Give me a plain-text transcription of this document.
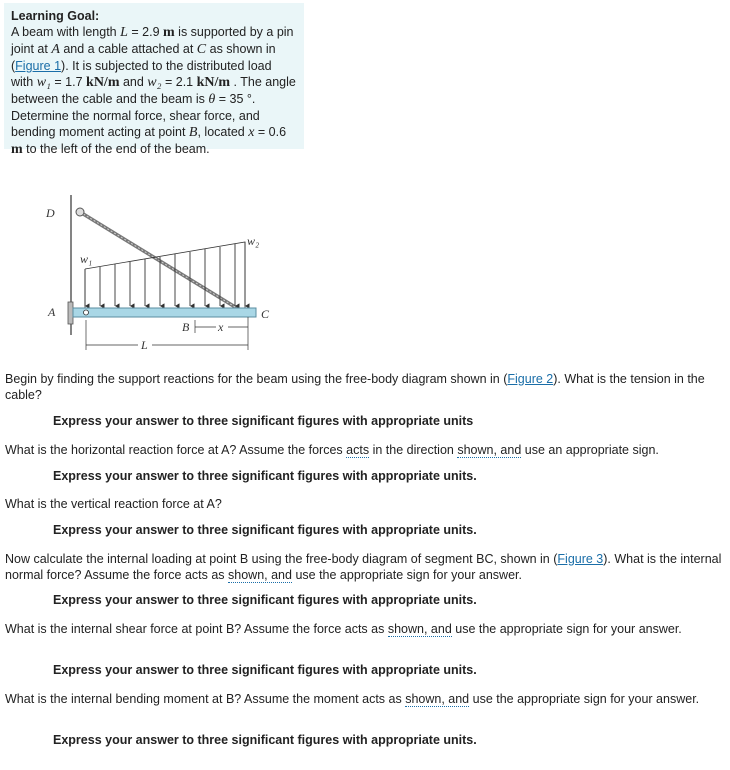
Learning Goal:
A beam with length L = 2.9 m is supported by a pin joint at A and a cable attached at C as shown in (Figure 1). It is subjected to the distributed load with w₁ = 1.7 kN/m and w₂ = 2.1 kN/m . The angle between the cable and the beam is θ = 35 °.
Determine the normal force, shear force, and bending moment acting at point B, located x = 0.6
m to the left of the end of the beam.
D
A	C
B x
L
w₁
w₂
Begin by finding the support reactions for the beam using the free-body diagram shown in (Figure 2). What is the tension in the cable?
Express your answer to three significant figures with appropriate units
What is the horizontal reaction force at A? Assume the forces acts in the direction shown, and use an appropriate sign.
Express your answer to three significant figures with appropriate units.
What is the vertical reaction force at A?
Express your answer to three significant figures with appropriate units.
Now calculate the internal loading at point B using the free-body diagram of segment BC, shown in (Figure 3). What is the internal normal force? Assume the force acts as shown, and use the appropriate sign for your answer.
Express your answer to three significant figures with appropriate units.
What is the internal shear force at point B? Assume the force acts as shown, and use the appropriate sign for your answer.
Express your answer to three significant figures with appropriate units.
What is the internal bending moment at B? Assume the moment acts as shown, and use the appropriate sign for your answer.
Express your answer to three significant figures with appropriate units.
